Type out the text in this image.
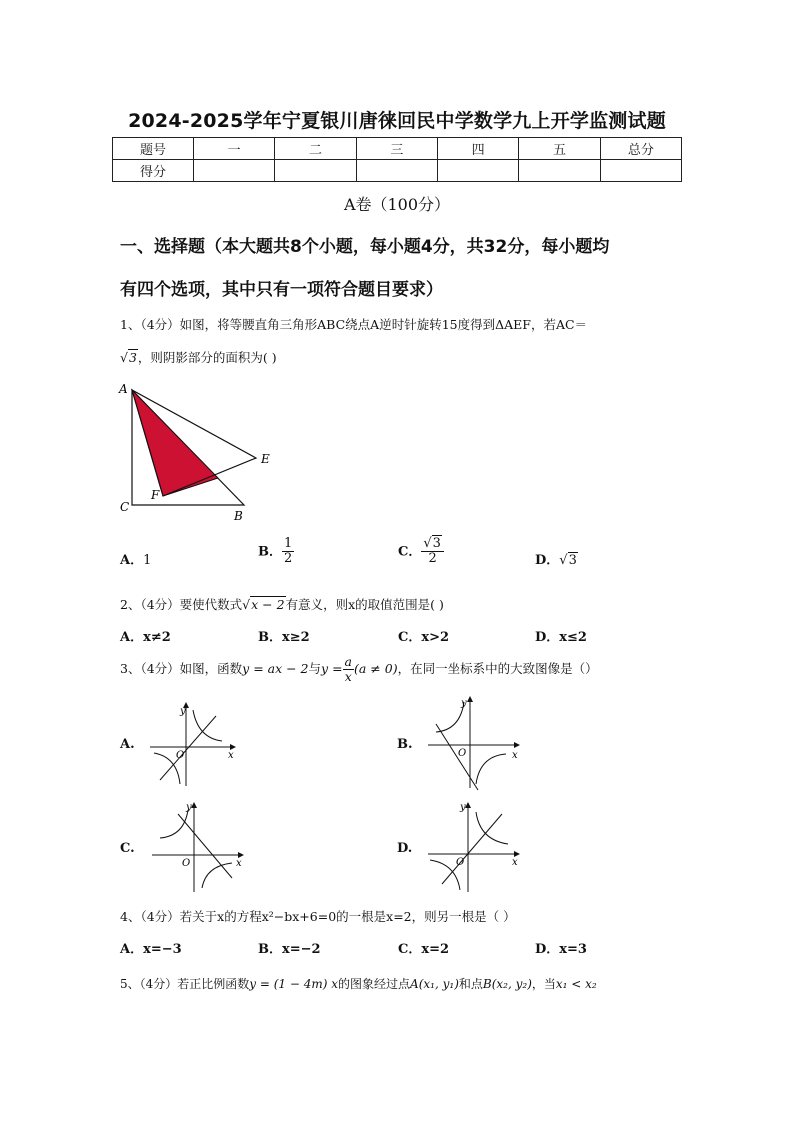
2024-2025学年宁夏银川唐徕回民中学数学九上开学监测试题
题号	一	二	三	四	五	总分
得分						
A卷（100分）
一、选择题（本大题共8个小题，每小题4分，共32分，每小题均
有四个选项，其中只有一项符合题目要求）
1、（4分）如图，将等腰直角三角形ABC绕点A逆时针旋转15度得到ΔAEF，若AC＝
√3，则阴影部分的面积为( )
A
C
B
E
F
A．1
B． $\frac{1}{2}$	C． $\frac{√3}{2}$	D．√3
2、（4分）要使代数式√x − 2有意义，则x的取值范围是( )
A．x≠2	B．x≥2	C．x>2	D．x≤2
3、（4分）如图，函数y = ax − 2与$y = \frac{a}{x} (a \ne 0)$，在同一坐标系中的大致图像是（）
A.	B.
C.	D.
y
x
O
y
x
O
y
x
O
y
x
O
4、（4分）若关于x的方程x²−bx+6=0的一根是x=2，则另一根是（ ）
A．x=−3	B．x=−2	C．x=2	D．x=3
5、（4分）若正比例函数y = (1 − 4m) x的图象经过点A(x₁, y₁)和点B(x₂, y₂)，当x₁ < x₂
